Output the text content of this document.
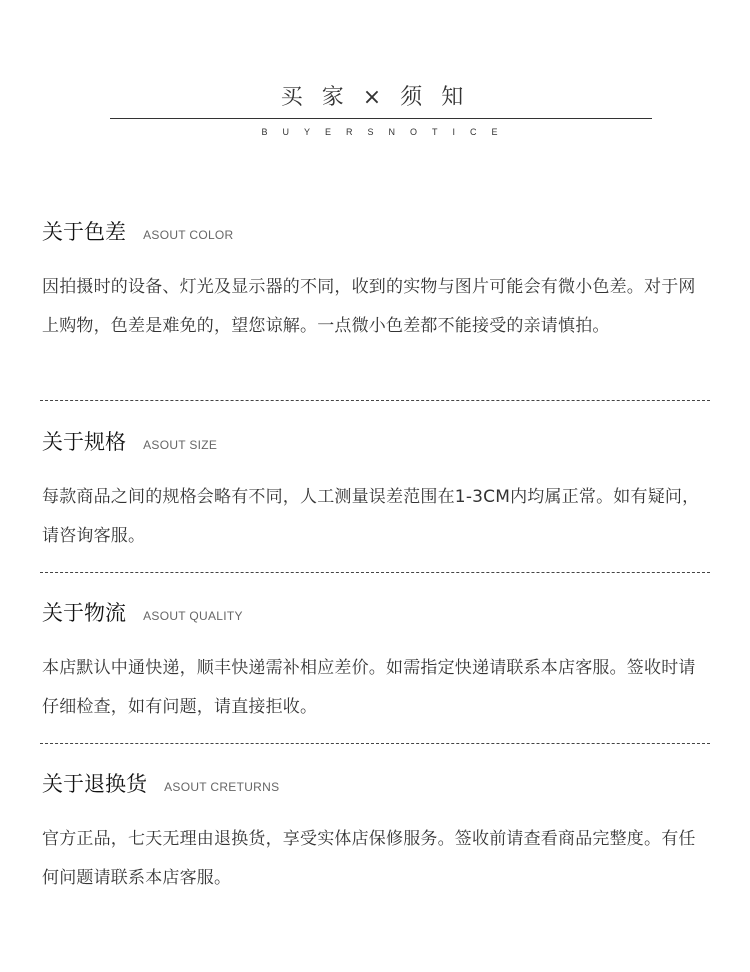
买 家 × 须 知
BUYERSNOTICE
关于色差 ASOUT COLOR
因拍摄时的设备、灯光及显示器的不同，收到的实物与图片可能会有微小色差。对于网上购物，色差是难免的，望您谅解。一点微小色差都不能接受的亲请慎拍。
关于规格 ASOUT SIZE
每款商品之间的规格会略有不同，人工测量误差范围在1-3CM内均属正常。如有疑问，请咨询客服。
关于物流 ASOUT QUALITY
本店默认中通快递，顺丰快递需补相应差价。如需指定快递请联系本店客服。签收时请仔细检查，如有问题，请直接拒收。
关于退换货 ASOUT CRETURNS
官方正品，七天无理由退换货，享受实体店保修服务。签收前请查看商品完整度。有任何问题请联系本店客服。
